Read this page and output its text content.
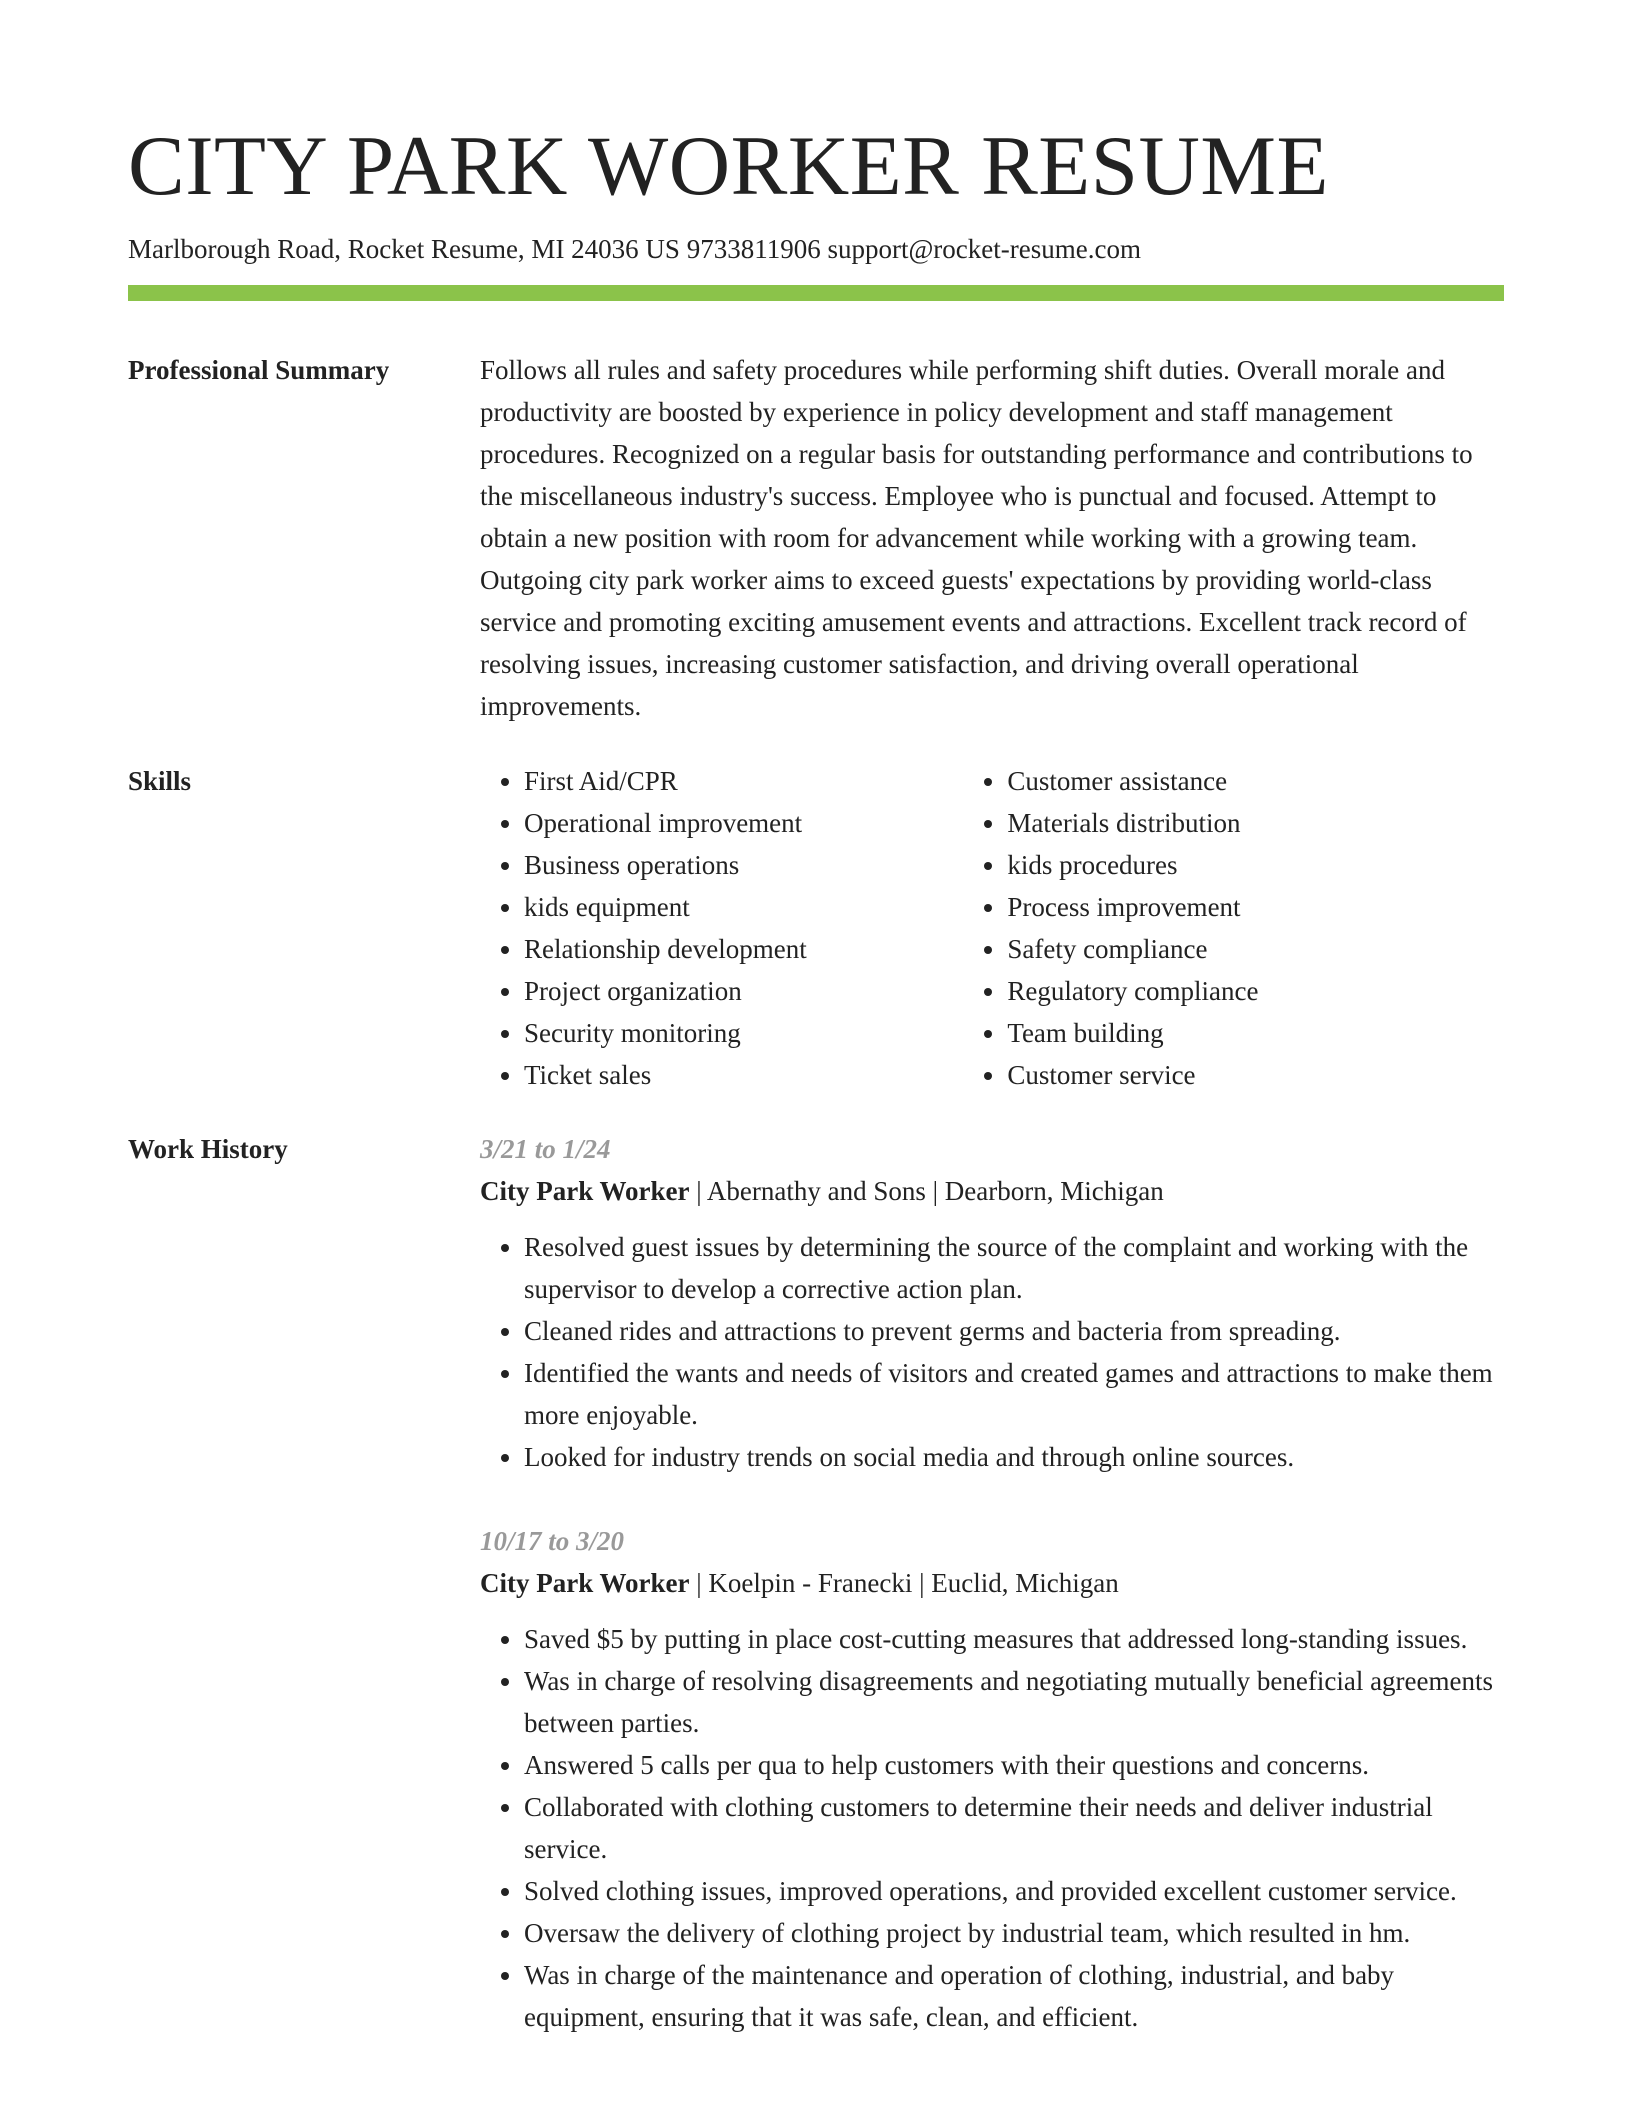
CITY PARK WORKER RESUME
Marlborough Road, Rocket Resume, MI 24036 US 9733811906 support@rocket-resume.com
Professional Summary	Follows all rules and safety procedures while performing shift duties. Overall morale and productivity are boosted by experience in policy development and staff management procedures. Recognized on a regular basis for outstanding performance and contributions to the miscellaneous industry's success. Employee who is punctual and focused. Attempt to obtain a new position with room for advancement while working with a growing team. Outgoing city park worker aims to exceed guests' expectations by providing world-class service and promoting exciting amusement events and attractions. Excellent track record of resolving issues, increasing customer satisfaction, and driving overall operational improvements.

Skills
•	First Aid/CPR
• Operational improvement
• Business operations
• kids equipment
• Relationship development
• Project organization
• Security monitoring
• Ticket sales
• Customer assistance
• Materials distribution
• kids procedures
• Process improvement
• Safety compliance
• Regulatory compliance
• Team building
• Customer service
Work History	3/21 to 1/24
City Park Worker | Abernathy and Sons | Dearborn, Michigan
• Resolved guest issues by determining the source of the complaint and working with the supervisor to develop a corrective action plan.
• Cleaned rides and attractions to prevent germs and bacteria from spreading.
• Identified the wants and needs of visitors and created games and attractions to make them more enjoyable.
• Looked for industry trends on social media and through online sources.
10/17 to 3/20
City Park Worker | Koelpin - Franecki | Euclid, Michigan
• Saved $5 by putting in place cost-cutting measures that addressed long-standing issues.
• Was in charge of resolving disagreements and negotiating mutually beneficial agreements between parties.
• Answered 5 calls per qua to help customers with their questions and concerns.
• Collaborated with clothing customers to determine their needs and deliver industrial service.
• Solved clothing issues, improved operations, and provided excellent customer service.
• Oversaw the delivery of clothing project by industrial team, which resulted in hm.
• Was in charge of the maintenance and operation of clothing, industrial, and baby equipment, ensuring that it was safe, clean, and efficient.
